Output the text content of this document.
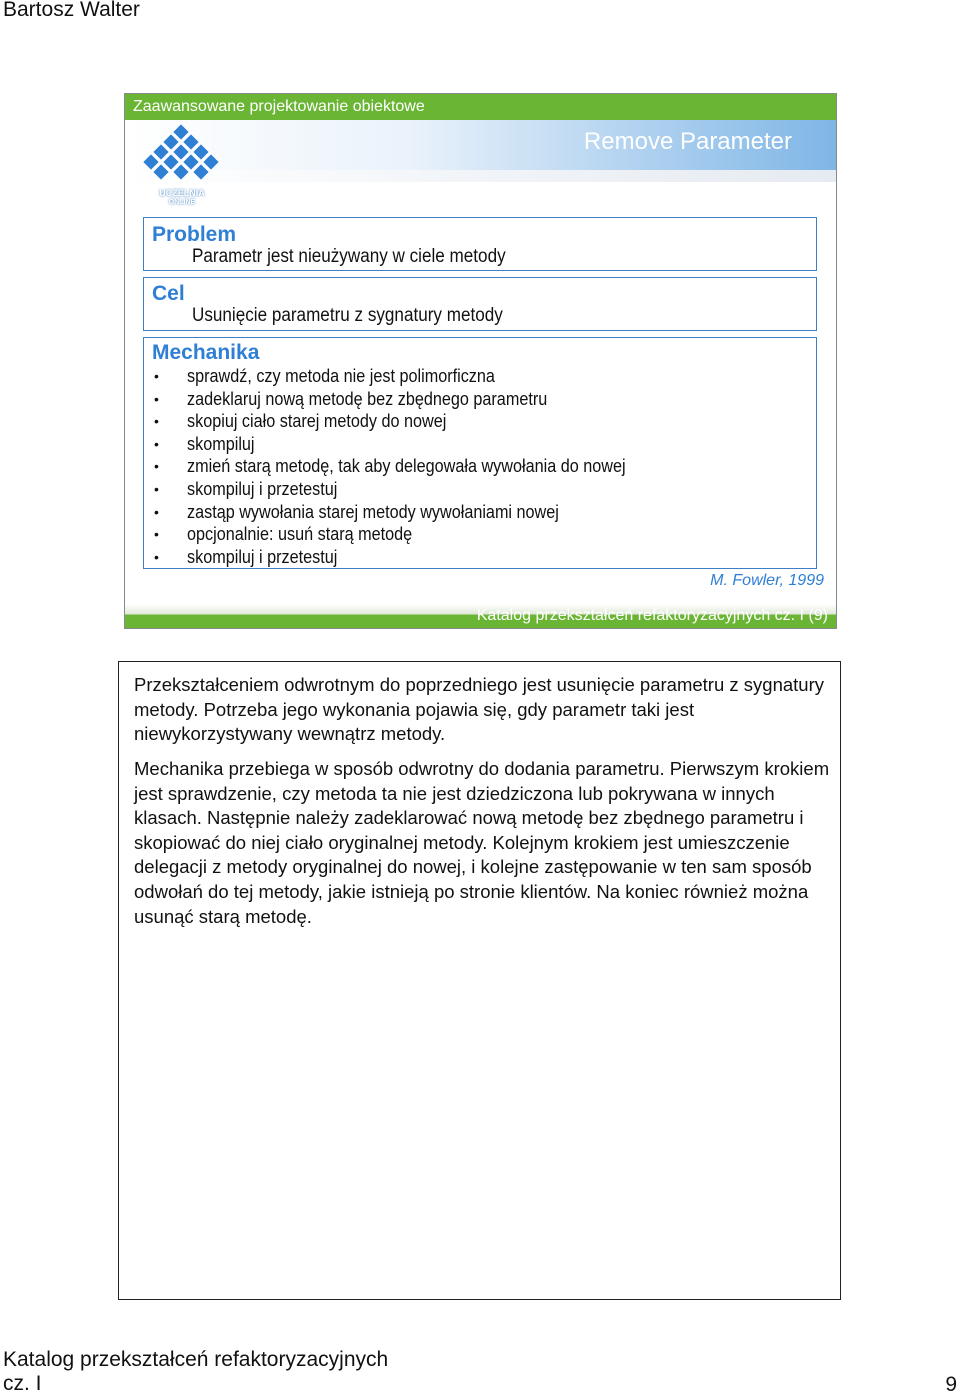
Bartosz Walter
Zaawansowane projektowanie obiektowe
Remove Parameter
UCZELNIA
ONLINE
Problem
Parametr jest nieużywany w ciele metody
Cel
Usunięcie parametru z sygnatury metody
Mechanika
• sprawdź, czy metoda nie jest polimorficzna
• zadeklaruj nową metodę bez zbędnego parametru
• skopiuj ciało starej metody do nowej
• skompiluj
• zmień starą metodę, tak aby delegowała wywołania do nowej
• skompiluj i przetestuj
• zastąp wywołania starej metody wywołaniami nowej
• opcjonalnie: usuń starą metodę
• skompiluj i przetestuj
M. Fowler, 1999
Katalog przekształceń refaktoryzacyjnych cz. I (9)

Przekształceniem odwrotnym do poprzedniego jest usunięcie parametru z sygnatury metody. Potrzeba jego wykonania pojawia się, gdy parametr taki jest niewykorzystywany wewnątrz metody.

Mechanika przebiega w sposób odwrotny do dodania parametru. Pierwszym krokiem jest sprawdzenie, czy metoda ta nie jest dziedziczona lub pokrywana w innych klasach. Następnie należy zadeklarować nową metodę bez zbędnego parametru i skopiować do niej ciało oryginalnej metody. Kolejnym krokiem jest umieszczenie delegacji z metody oryginalnej do nowej, i kolejne zastępowanie w ten sam sposób odwołań do tej metody, jakie istnieją po stronie klientów. Na koniec również można usunąć starą metodę.

Katalog przekształceń refaktoryzacyjnych
cz. I	9
